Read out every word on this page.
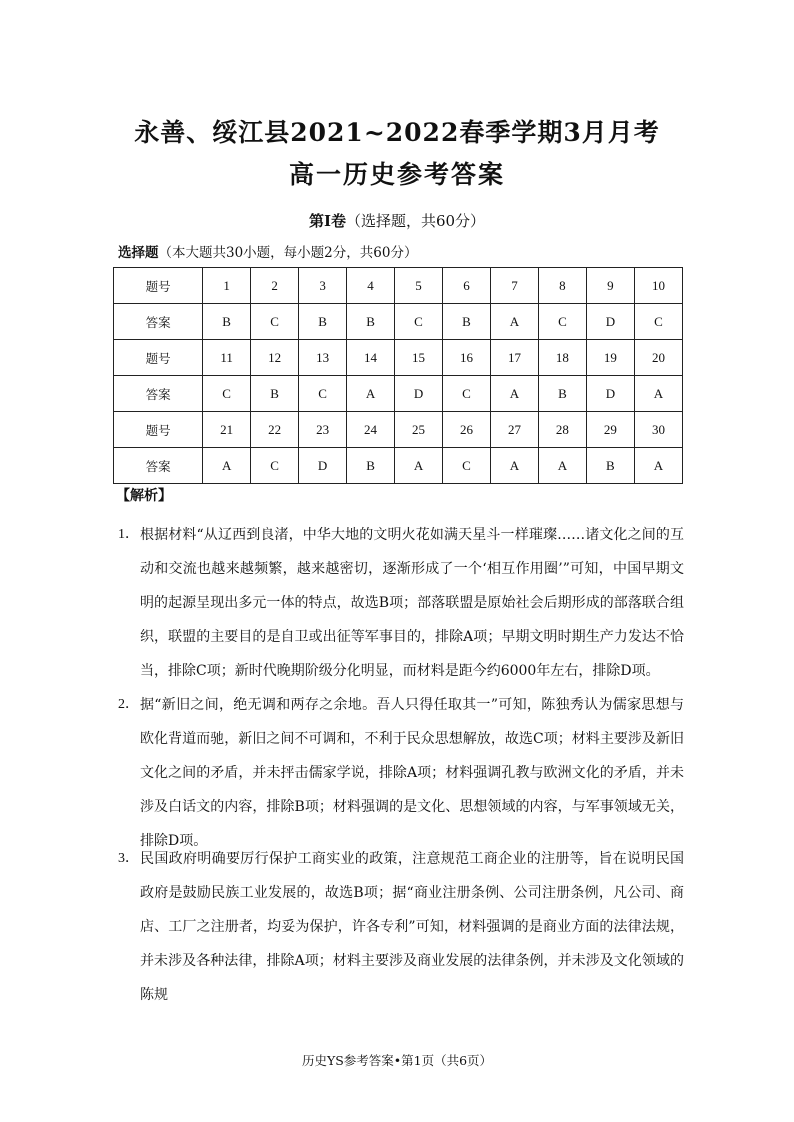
永善、绥江县2021~2022春季学期3月月考
高一历史参考答案
第Ⅰ卷（选择题，共60分）
选择题（本大题共30小题，每小题2分，共60分）
题号	1	2	3	4	5	6	7	8	9	10
答案	B	C	B	B	C	B	A	C	D	C
题号	11	12	13	14	15	16	17	18	19	20
答案	C	B	C	A	D	C	A	B	D	A
题号	21	22	23	24	25	26	27	28	29	30
答案	A	C	D	B	A	C	A	A	B	A
【解析】
1． 根据材料“从辽西到良渚，中华大地的文明火花如满天星斗一样璀璨……诸文化之间的互动和交流也越来越频繁，越来越密切，逐渐形成了一个‘相互作用圈’”可知，中国早期文明的起源呈现出多元一体的特点，故选B项；部落联盟是原始社会后期形成的部落联合组织，联盟的主要目的是自卫或出征等军事目的，排除A项；早期文明时期生产力发达不恰当，排除C项；新时代晚期阶级分化明显，而材料是距今约6000年左右，排除D项。
2． 据“新旧之间，绝无调和两存之余地。吾人只得任取其一”可知，陈独秀认为儒家思想与欧化背道而驰，新旧之间不可调和，不利于民众思想解放，故选C项；材料主要涉及新旧文化之间的矛盾，并未抨击儒家学说，排除A项；材料强调孔教与欧洲文化的矛盾，并未涉及白话文的内容，排除B项；材料强调的是文化、思想领域的内容，与军事领域无关，排除D项。
3． 民国政府明确要厉行保护工商实业的政策，注意规范工商企业的注册等，旨在说明民国政府是鼓励民族工业发展的，故选B项；据“商业注册条例、公司注册条例，凡公司、商店、工厂之注册者，均妥为保护，许各专利”可知，材料强调的是商业方面的法律法规，并未涉及各种法律，排除A项；材料主要涉及商业发展的法律条例，并未涉及文化领域的陈规
历史YS参考答案•第1页（共6页）
